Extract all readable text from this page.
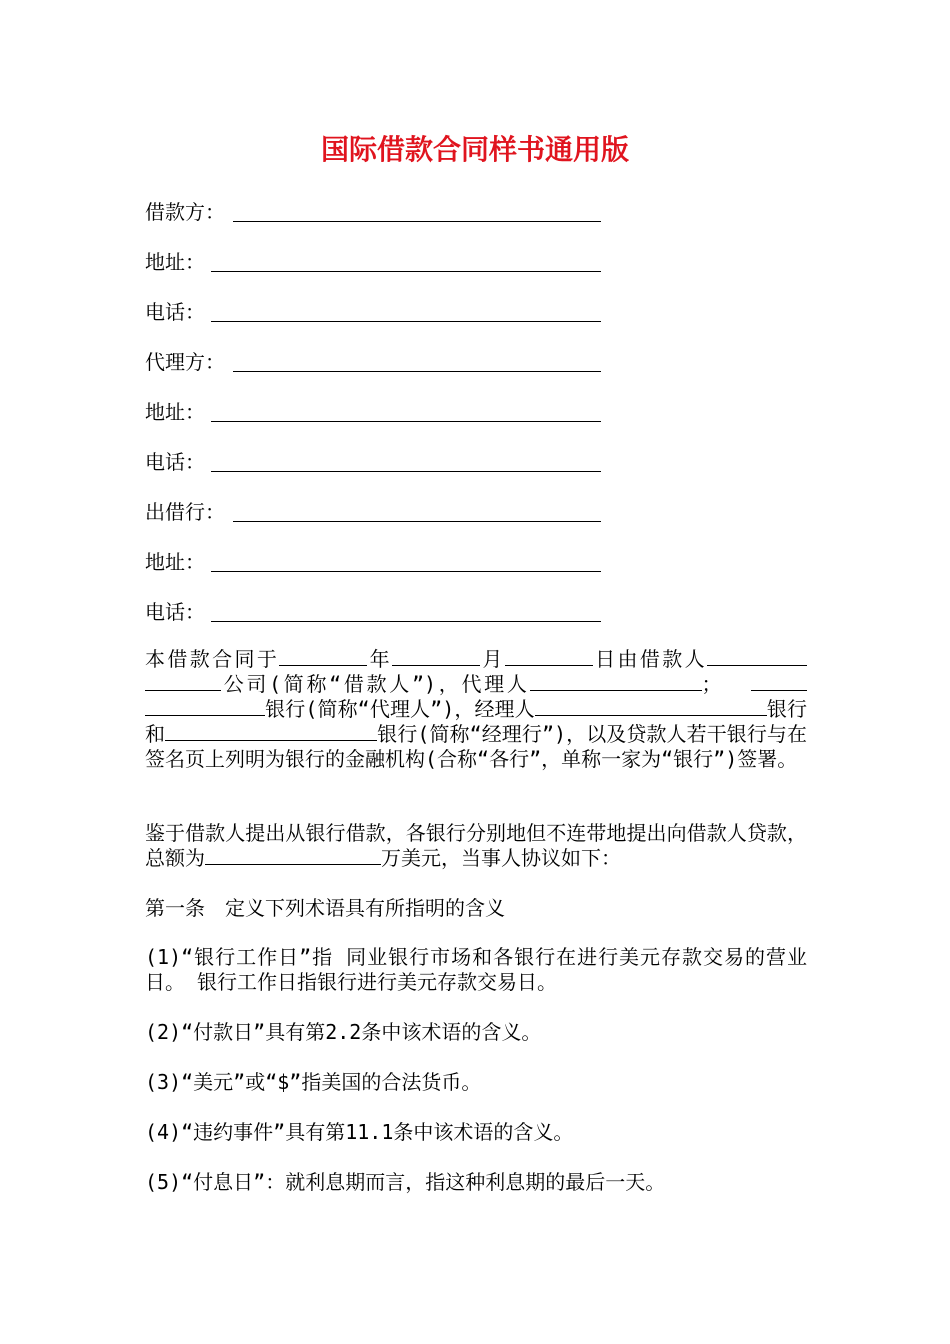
国际借款合同样书通用版
借款方：
地址：
电话：
代理方：
地址：
电话：
出借行：
地址：
电话：

本借款合同于	年	月	日由借款人公司(简称“借款人”)，代理人	；  银行(简称“代理人”)，经理人	银行和	银行(简称“经理行”)，以及贷款人若干银行与在签名页上列明为银行的金融机构(合称“各行”，单称一家为“银行”)签署。

鉴于借款人提出从银行借款，各银行分别地但不连带地提出向借款人贷款，总额为	万美元，当事人协议如下：

第一条　定义下列术语具有所指明的含义
(1)“银行工作日”指 同业银行市场和各银行在进行美元存款交易的营业日。 银行工作日指银行进行美元存款交易日。
(2)“付款日”具有第2.2条中该术语的含义。
(3)“美元”或“$”指美国的合法货币。
(4)“违约事件”具有第11.1条中该术语的含义。
(5)“付息日”：就利息期而言，指这种利息期的最后一天。
